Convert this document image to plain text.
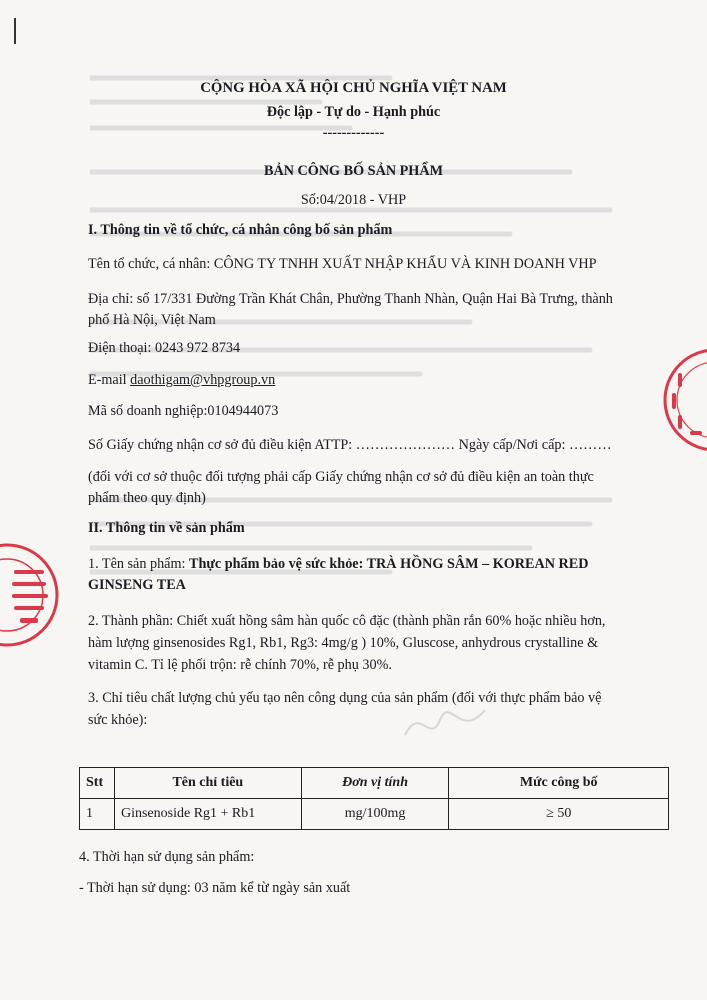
CỘNG HÒA XÃ HỘI CHỦ NGHĨA VIỆT NAM
Độc lập - Tự do - Hạnh phúc
-------------
BẢN CÔNG BỐ SẢN PHẨM
Số:04/2018 - VHP
I. Thông tin về tổ chức, cá nhân công bố sản phẩm
Tên tổ chức, cá nhân: CÔNG TY TNHH XUẤT NHẬP KHẨU VÀ KINH DOANH VHP
Địa chỉ: số 17/331 Đường Trần Khát Chân, Phường Thanh Nhàn, Quận Hai Bà Trưng, thành
phố Hà Nội, Việt Nam
Điện thoại: 0243 972 8734
E-mail daothigam@vhpgroup.vn
Mã số doanh nghiệp:0104944073
Số Giấy chứng nhận cơ sở đủ điều kiện ATTP: ………………… Ngày cấp/Nơi cấp: ………
(đối với cơ sở thuộc đối tượng phải cấp Giấy chứng nhận cơ sở đủ điều kiện an toàn thực
phẩm theo quy định)
II. Thông tin về sản phẩm
1. Tên sản phẩm: Thực phẩm bảo vệ sức khỏe: TRÀ HỒNG SÂM – KOREAN RED
GINSENG TEA
2. Thành phần: Chiết xuất hồng sâm hàn quốc cô đặc (thành phần rắn 60% hoặc nhiều hơn,
hàm lượng ginsenosides Rg1, Rb1, Rg3: 4mg/g ) 10%, Gluscose, anhydrous crystalline &
vitamin C. Tỉ lệ phối trộn: rễ chính 70%, rễ phụ 30%.
3. Chỉ tiêu chất lượng chủ yếu tạo nên công dụng của sản phẩm (đối với thực phẩm bảo vệ
sức khỏe):
Stt	Tên chỉ tiêu	Đơn vị tính	Mức công bố
1	Ginsenoside Rg1 + Rb1	mg/100mg	≥ 50
4. Thời hạn sử dụng sản phẩm:
- Thời hạn sử dụng: 03 năm kể từ ngày sản xuất
